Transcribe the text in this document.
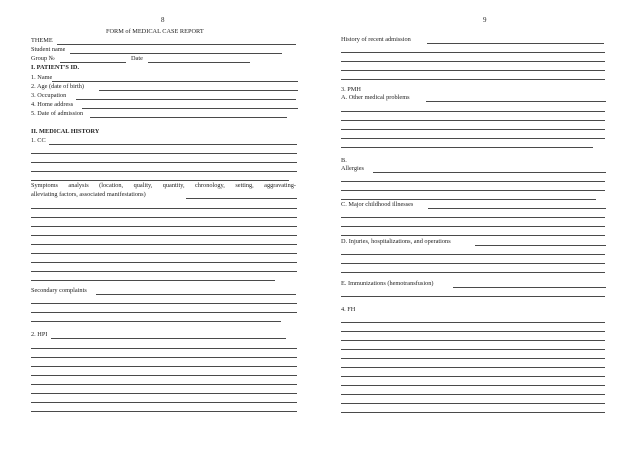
8
FORM of MEDICAL CASE REPORT
THEME
Student name
Group №	Date
I. PATIENT'S ID.
1. Name
2. Age (date of birth)
3. Occupation
4. Home address
5. Date of admission
II. MEDICAL HISTORY
1. CC
Symptoms analysis (location, quality, quantity, chronology, setting, aggravating-
alleviating factors, associated manifestations)
Secondary complaints
2. HPI
9
History of recent admission
3. PMH
A. Other medical problems
B.
Allergies
C. Major childhood illnesses
D. Injuries, hospitalizations, and operations
E. Immunizations (hemotransfusion)
4. FH
